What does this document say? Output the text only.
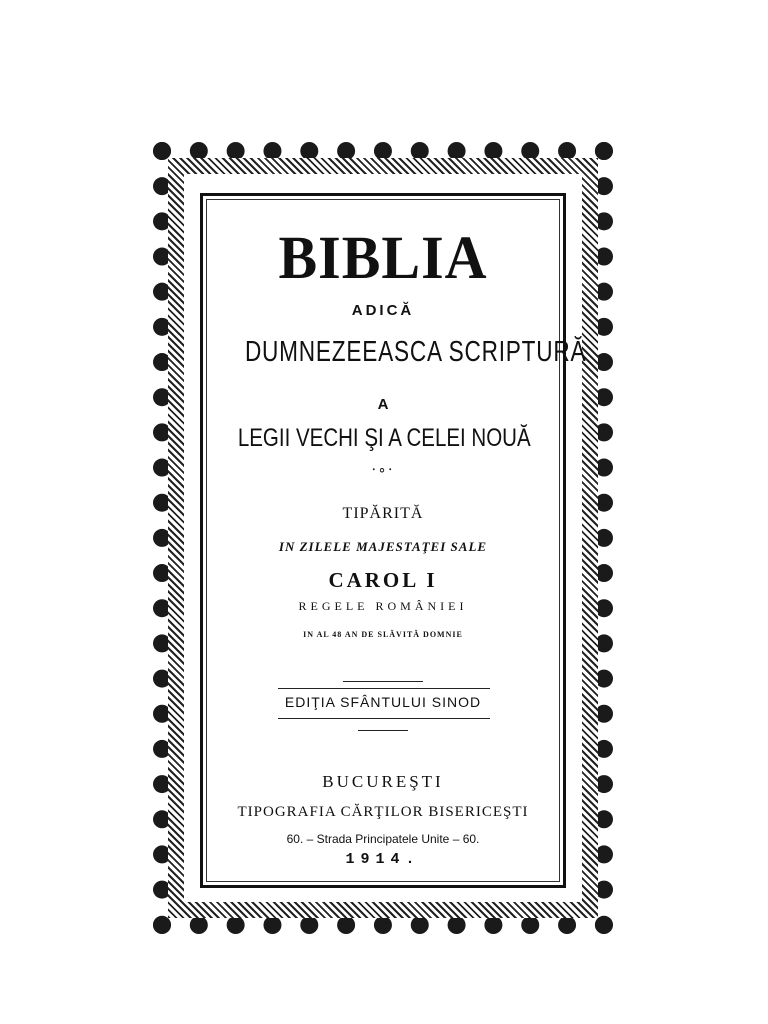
BIBLIA

ADICĂ

DUMNEZEEASCA SCRIPTURĂ

A

LEGII VECHI ŞI A CELEI NOUĂ

⸱∘⸱

TIPĂRITĂ

IN ZILELE MAJESTAŢEI SALE

CAROL I

REGELE ROMÂNIEI

IN AL 48 AN DE SLĂVITĂ DOMNIE

EDIŢIA SFÂNTULUI SINOD

BUCUREŞTI

TIPOGRAFIA CĂRŢILOR BISERICEŞTI

60. – Strada Principatele Unite – 60.

1914.
